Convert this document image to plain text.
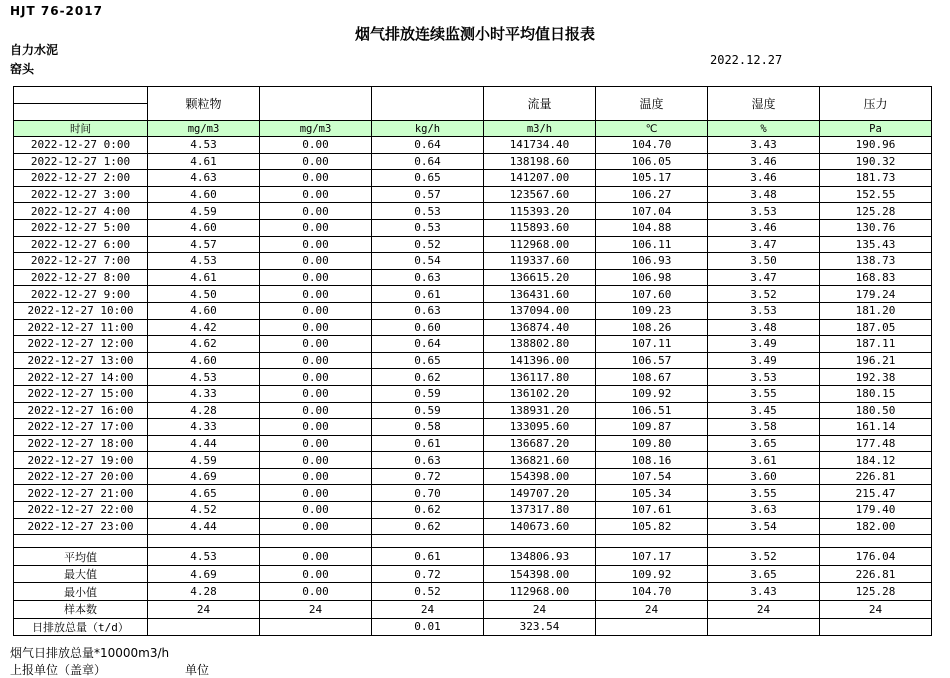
HJT 76-2017
烟气排放连续监测小时平均值日报表
自力水泥
窑头
2022.12.27
	颗粒物			流量	温度	湿度	压力

时间	mg/m3	mg/m3	kg/h	m3/h	℃	%	Pa
2022-12-27 0:00	4.53	0.00	0.64	141734.40	104.70	3.43	190.96
2022-12-27 1:00	4.61	0.00	0.64	138198.60	106.05	3.46	190.32
2022-12-27 2:00	4.63	0.00	0.65	141207.00	105.17	3.46	181.73
2022-12-27 3:00	4.60	0.00	0.57	123567.60	106.27	3.48	152.55
2022-12-27 4:00	4.59	0.00	0.53	115393.20	107.04	3.53	125.28
2022-12-27 5:00	4.60	0.00	0.53	115893.60	104.88	3.46	130.76
2022-12-27 6:00	4.57	0.00	0.52	112968.00	106.11	3.47	135.43
2022-12-27 7:00	4.53	0.00	0.54	119337.60	106.93	3.50	138.73
2022-12-27 8:00	4.61	0.00	0.63	136615.20	106.98	3.47	168.83
2022-12-27 9:00	4.50	0.00	0.61	136431.60	107.60	3.52	179.24
2022-12-27 10:00	4.60	0.00	0.63	137094.00	109.23	3.53	181.20
2022-12-27 11:00	4.42	0.00	0.60	136874.40	108.26	3.48	187.05
2022-12-27 12:00	4.62	0.00	0.64	138802.80	107.11	3.49	187.11
2022-12-27 13:00	4.60	0.00	0.65	141396.00	106.57	3.49	196.21
2022-12-27 14:00	4.53	0.00	0.62	136117.80	108.67	3.53	192.38
2022-12-27 15:00	4.33	0.00	0.59	136102.20	109.92	3.55	180.15
2022-12-27 16:00	4.28	0.00	0.59	138931.20	106.51	3.45	180.50
2022-12-27 17:00	4.33	0.00	0.58	133095.60	109.87	3.58	161.14
2022-12-27 18:00	4.44	0.00	0.61	136687.20	109.80	3.65	177.48
2022-12-27 19:00	4.59	0.00	0.63	136821.60	108.16	3.61	184.12
2022-12-27 20:00	4.69	0.00	0.72	154398.00	107.54	3.60	226.81
2022-12-27 21:00	4.65	0.00	0.70	149707.20	105.34	3.55	215.47
2022-12-27 22:00	4.52	0.00	0.62	137317.80	107.61	3.63	179.40
2022-12-27 23:00	4.44	0.00	0.62	140673.60	105.82	3.54	182.00

平均值	4.53	0.00	0.61	134806.93	107.17	3.52	176.04
最大值	4.69	0.00	0.72	154398.00	109.92	3.65	226.81
最小值	4.28	0.00	0.52	112968.00	104.70	3.43	125.28
样本数	24	24	24	24	24	24	24
日排放总量（t/d）			0.01	323.54			
烟气日排放总量*10000m3/h
上报单位（盖章）	单位
